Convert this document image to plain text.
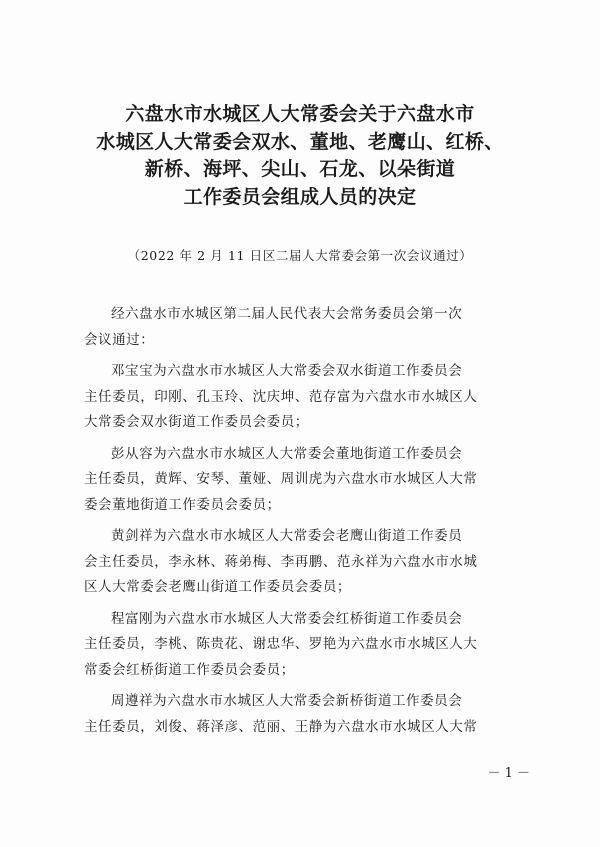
六盘水市水城区人大常委会关于六盘水市
水城区人大常委会双水、董地、老鹰山、红桥、
新桥、海坪、尖山、石龙、以朵街道
工作委员会组成人员的决定
（2022 年 2 月 11 日区二届人大常委会第一次会议通过）
经六盘水市水城区第二届人民代表大会常务委员会第一次
会议通过：
邓宝宝为六盘水市水城区人大常委会双水街道工作委员会
主任委员，印刚、孔玉玲、沈庆坤、范存富为六盘水市水城区人
大常委会双水街道工作委员会委员；
彭从容为六盘水市水城区人大常委会董地街道工作委员会
主任委员，黄辉、安琴、董娅、周训虎为六盘水市水城区人大常
委会董地街道工作委员会委员；
黄剑祥为六盘水市水城区人大常委会老鹰山街道工作委员
会主任委员，李永林、蒋弟梅、李再鹏、范永祥为六盘水市水城
区人大常委会老鹰山街道工作委员会委员；
程富刚为六盘水市水城区人大常委会红桥街道工作委员会
主任委员，李桃、陈贵花、谢忠华、罗艳为六盘水市水城区人大
常委会红桥街道工作委员会委员；
周遵祥为六盘水市水城区人大常委会新桥街道工作委员会
主任委员，刘俊、蒋泽彦、范丽、王静为六盘水市水城区人大常
－ 1 －
